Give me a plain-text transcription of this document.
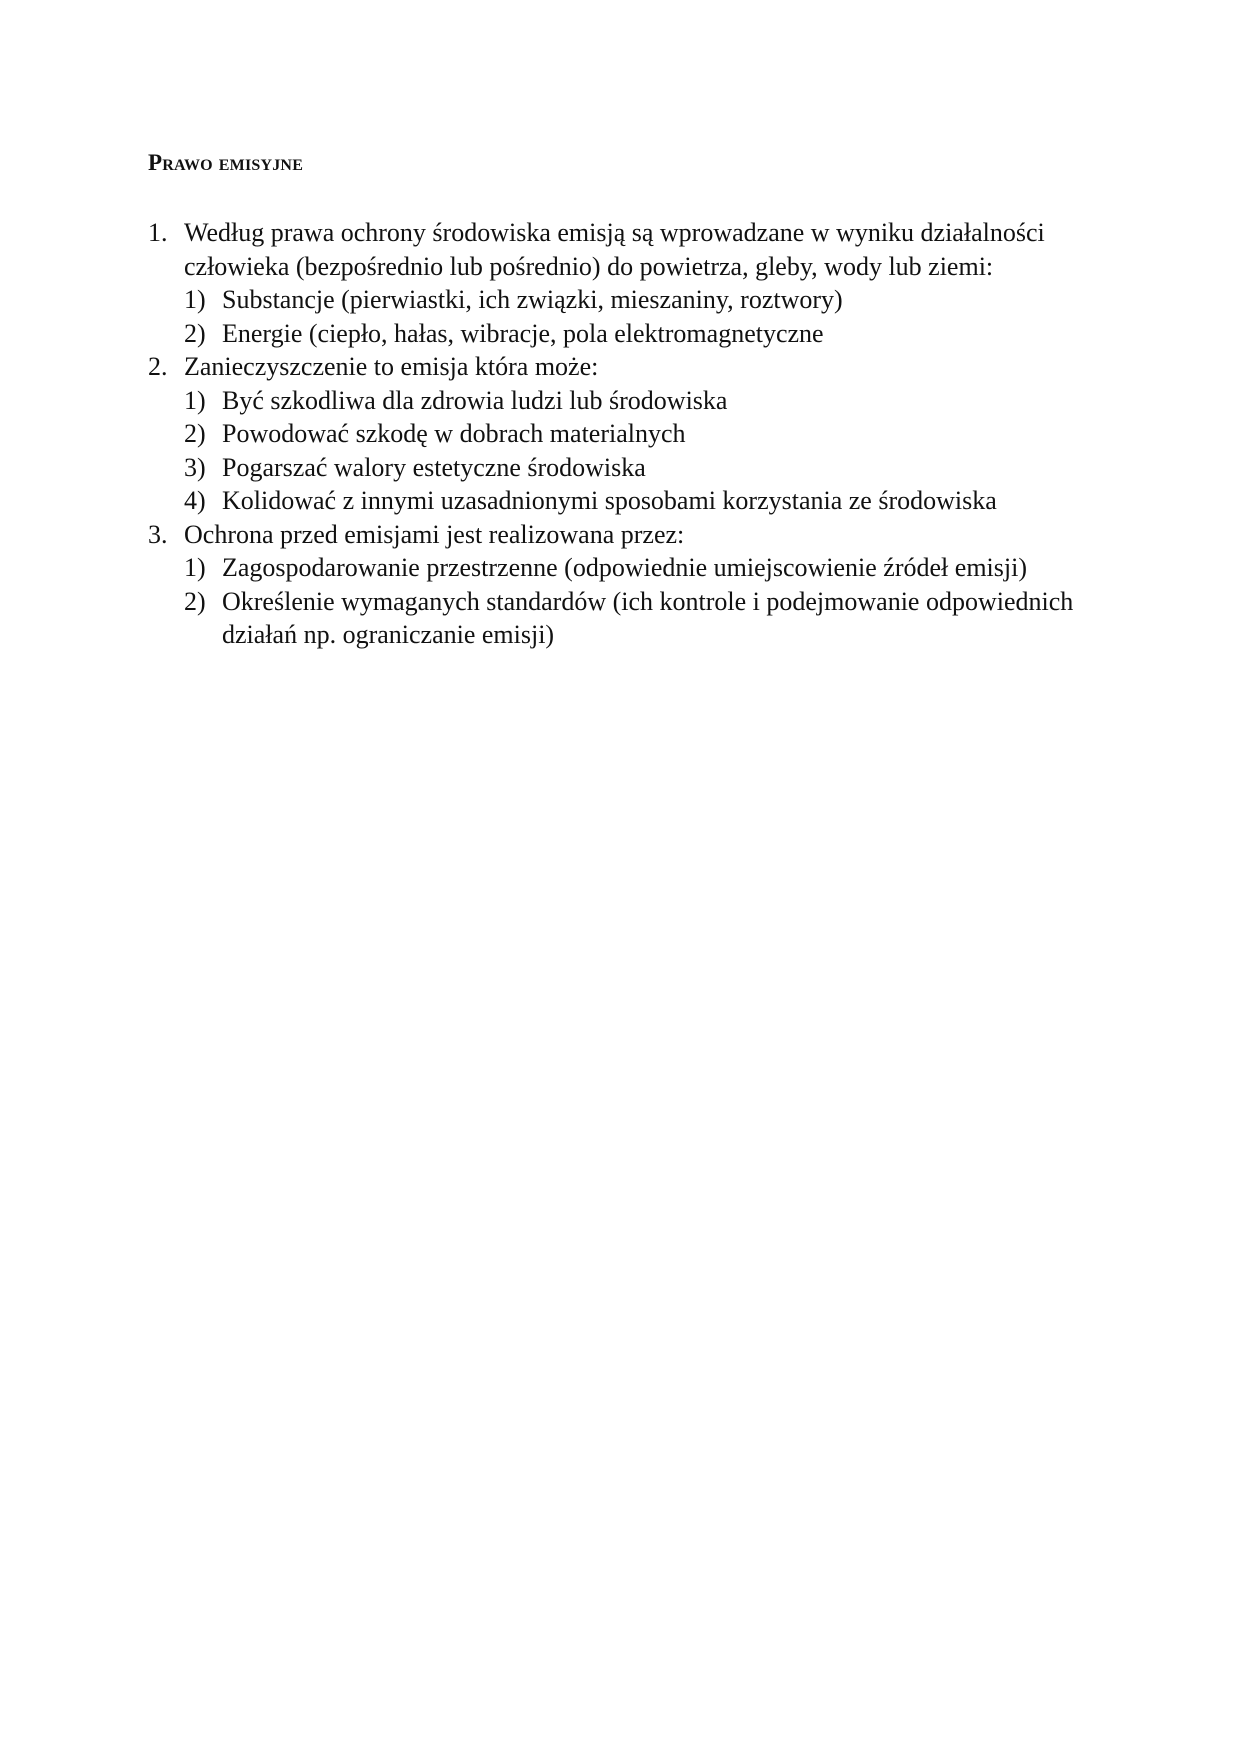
Prawo emisyjne
1. Według prawa ochrony środowiska emisją są wprowadzane w wyniku działalności człowieka (bezpośrednio lub pośrednio) do powietrza, gleby, wody lub ziemi:
1) Substancje (pierwiastki, ich związki, mieszaniny, roztwory)
2) Energie (ciepło, hałas, wibracje, pola elektromagnetyczne
2. Zanieczyszczenie to emisja która może:
1) Być szkodliwa dla zdrowia ludzi lub środowiska
2) Powodować szkodę w dobrach materialnych
3) Pogarszać walory estetyczne środowiska
4) Kolidować z innymi uzasadnionymi sposobami korzystania ze środowiska
3. Ochrona przed emisjami jest realizowana przez:
1) Zagospodarowanie przestrzenne (odpowiednie umiejscowienie źródeł emisji)
2) Określenie wymaganych standardów (ich kontrole i podejmowanie odpowiednich działań np. ograniczanie emisji)
